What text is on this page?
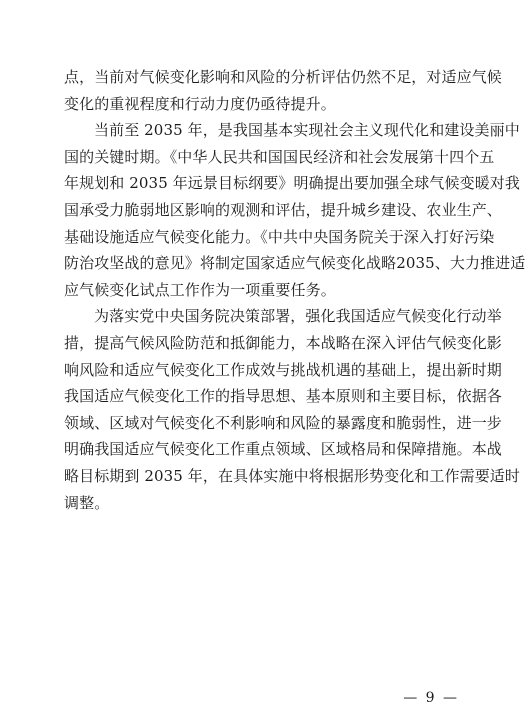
点，当前对气候变化影响和风险的分析评估仍然不足，对适应气候

变化的重视程度和行动力度仍亟待提升。

当前至 2035 年，是我国基本实现社会主义现代化和建设美丽中

国的关键时期。《中华人民共和国国民经济和社会发展第十四个五

年规划和 2035 年远景目标纲要》明确提出要加强全球气候变暖对我

国承受力脆弱地区影响的观测和评估，提升城乡建设、农业生产、

基础设施适应气候变化能力。《中共中央国务院关于深入打好污染

防治攻坚战的意见》将制定国家适应气候变化战略2035、大力推进适

应气候变化试点工作作为一项重要任务。

为落实党中央国务院决策部署，强化我国适应气候变化行动举

措，提高气候风险防范和抵御能力，本战略在深入评估气候变化影

响风险和适应气候变化工作成效与挑战机遇的基础上，提出新时期

我国适应气候变化工作的指导思想、基本原则和主要目标，依据各

领域、区域对气候变化不利影响和风险的暴露度和脆弱性，进一步

明确我国适应气候变化工作重点领域、区域格局和保障措施。本战

略目标期到 2035 年，在具体实施中将根据形势变化和工作需要适时

调整。

— 9 —
